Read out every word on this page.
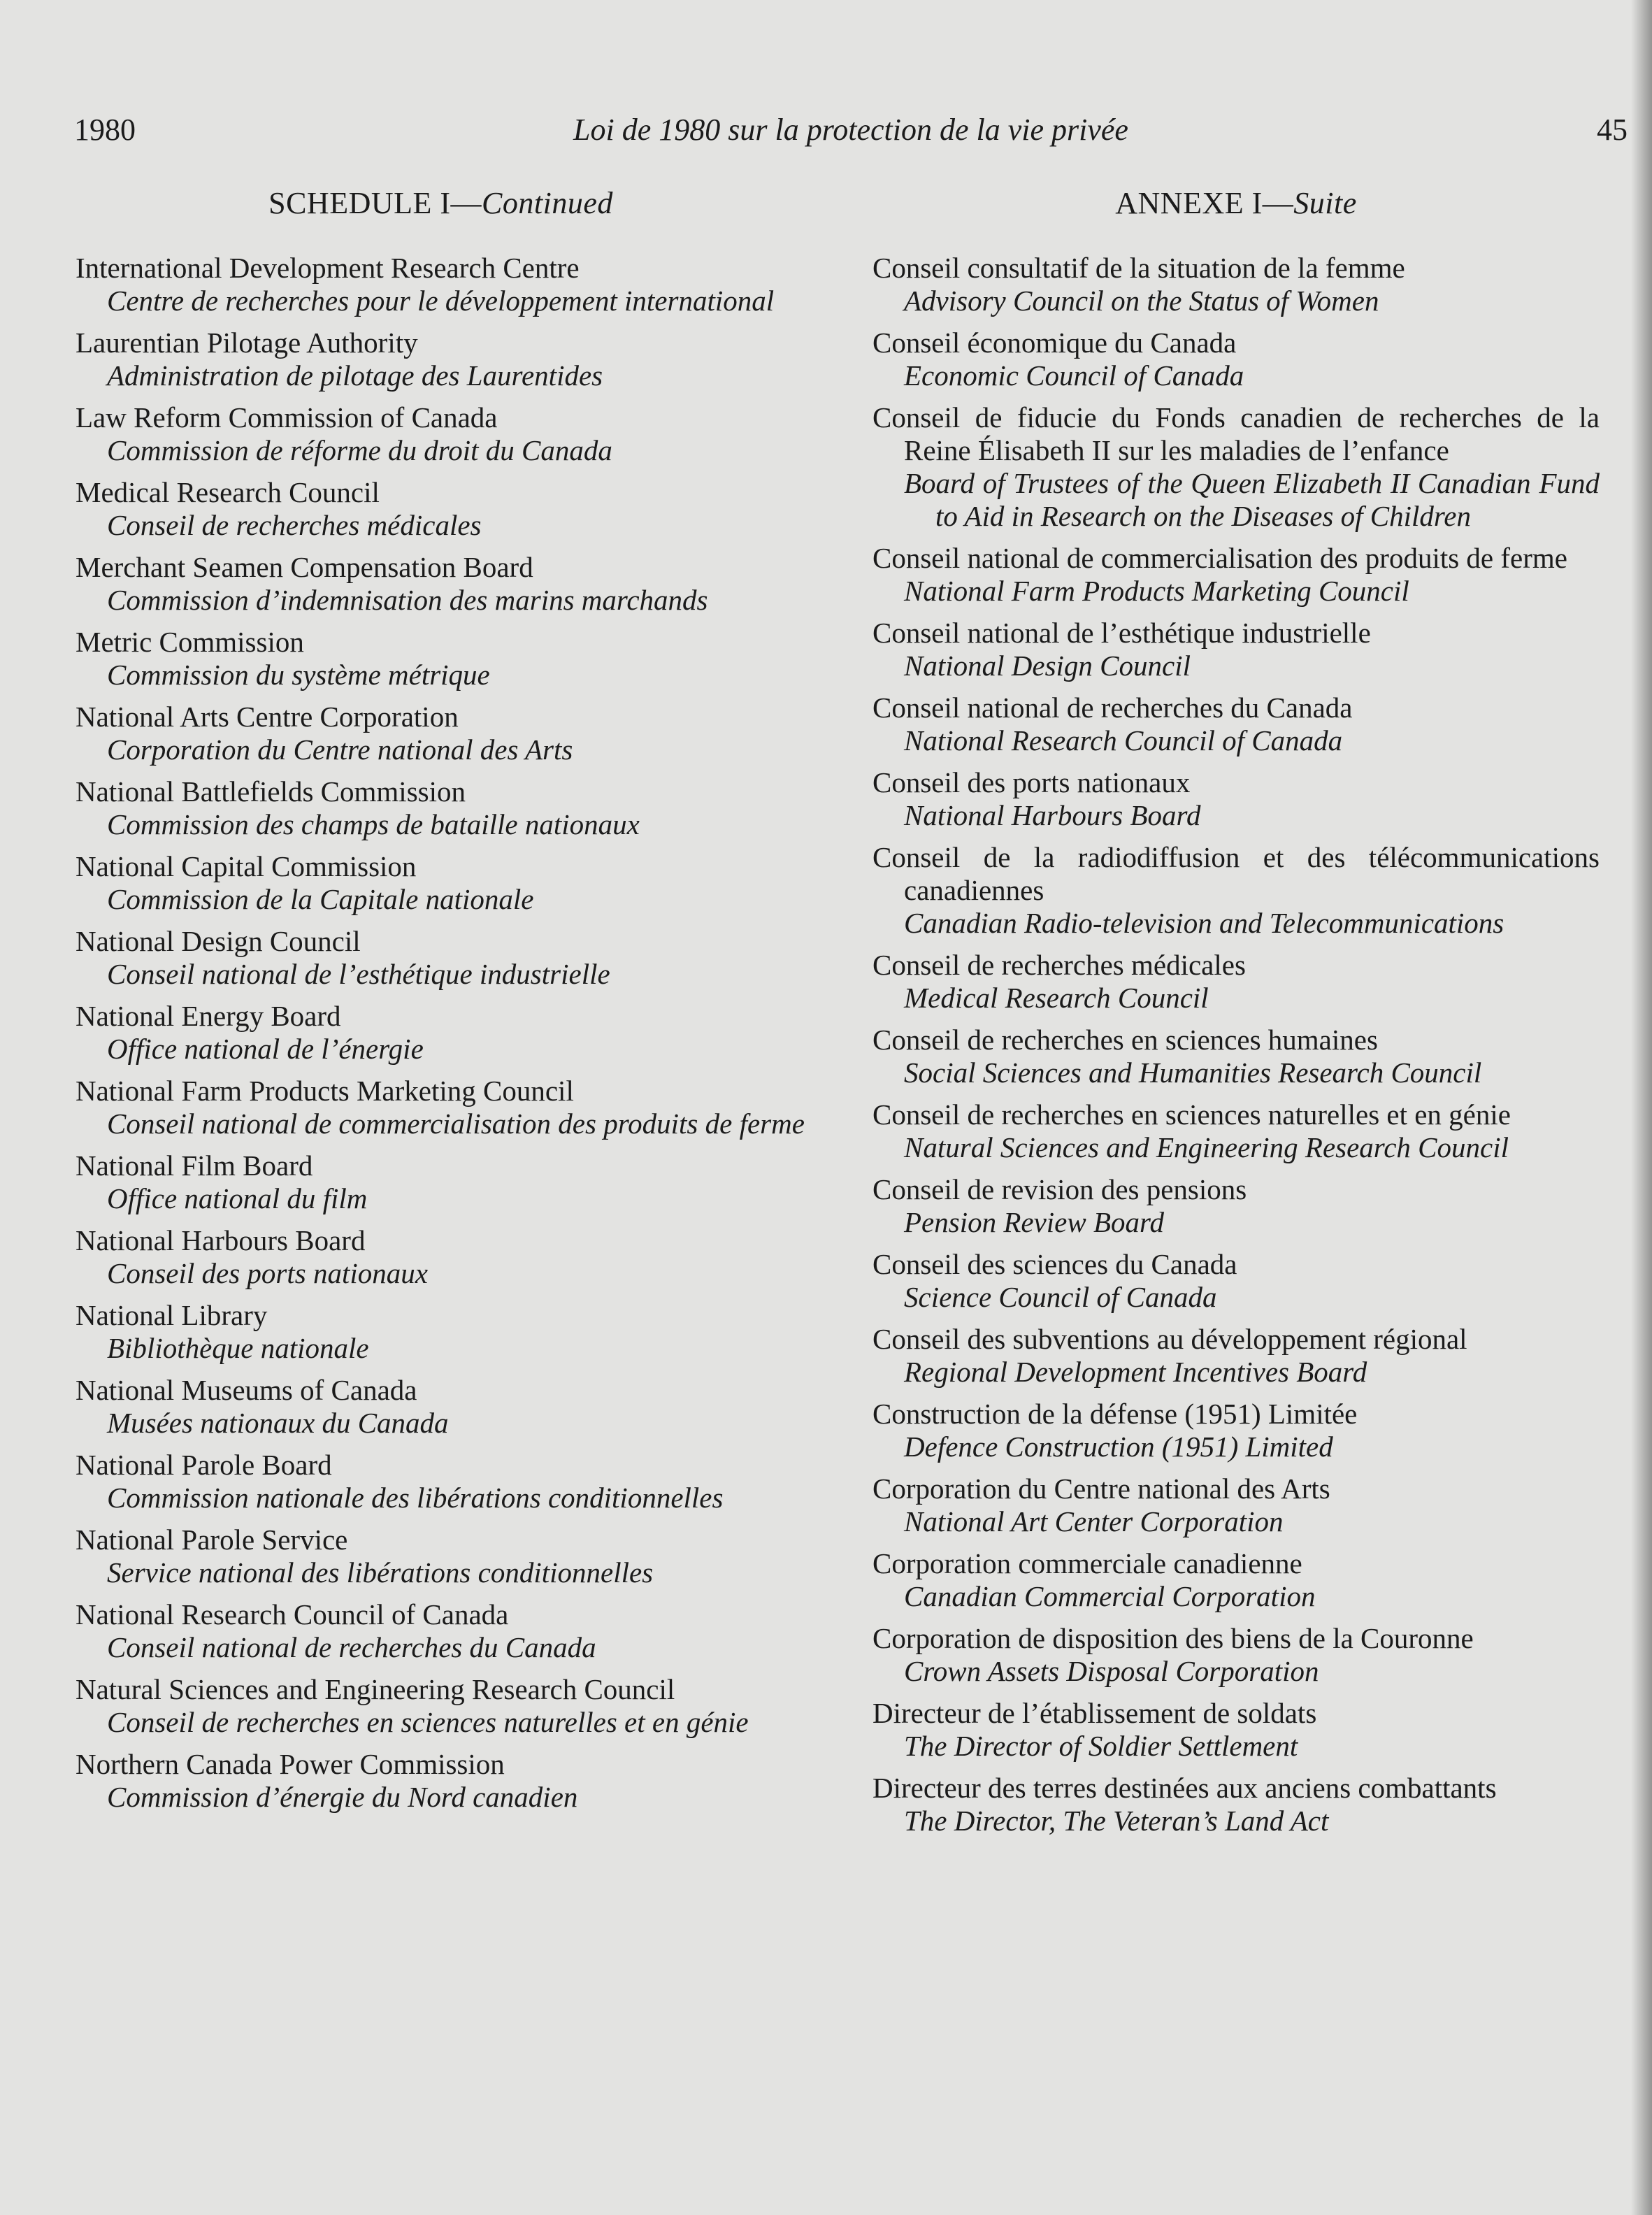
1980	Loi de 1980 sur la protection de la vie privée	45
SCHEDULE I—Continued
International Development Research Centre
Centre de recherches pour le développement international
Laurentian Pilotage Authority
Administration de pilotage des Laurentides
Law Reform Commission of Canada
Commission de réforme du droit du Canada
Medical Research Council
Conseil de recherches médicales
Merchant Seamen Compensation Board
Commission d’indemnisation des marins marchands
Metric Commission
Commission du système métrique
National Arts Centre Corporation
Corporation du Centre national des Arts
National Battlefields Commission
Commission des champs de bataille nationaux
National Capital Commission
Commission de la Capitale nationale
National Design Council
Conseil national de l’esthétique industrielle
National Energy Board
Office national de l’énergie
National Farm Products Marketing Council
Conseil national de commercialisation des produits de ferme
National Film Board
Office national du film
National Harbours Board
Conseil des ports nationaux
National Library
Bibliothèque nationale
National Museums of Canada
Musées nationaux du Canada
National Parole Board
Commission nationale des libérations conditionnelles
National Parole Service
Service national des libérations conditionnelles
National Research Council of Canada
Conseil national de recherches du Canada
Natural Sciences and Engineering Research Council
Conseil de recherches en sciences naturelles et en génie
Northern Canada Power Commission
Commission d’énergie du Nord canadien
ANNEXE I—Suite
Conseil consultatif de la situation de la femme
Advisory Council on the Status of Women
Conseil économique du Canada
Economic Council of Canada
Conseil de fiducie du Fonds canadien de recherches de la Reine Élisabeth II sur les maladies de l’enfance
Board of Trustees of the Queen Elizabeth II Canadian Fund to Aid in Research on the Diseases of Children
Conseil national de commercialisation des produits de ferme
National Farm Products Marketing Council
Conseil national de l’esthétique industrielle
National Design Council
Conseil national de recherches du Canada
National Research Council of Canada
Conseil des ports nationaux
National Harbours Board
Conseil de la radiodiffusion et des télécommunications canadiennes
Canadian Radio-television and Telecommunications
Conseil de recherches médicales
Medical Research Council
Conseil de recherches en sciences humaines
Social Sciences and Humanities Research Council
Conseil de recherches en sciences naturelles et en génie
Natural Sciences and Engineering Research Council
Conseil de revision des pensions
Pension Review Board
Conseil des sciences du Canada
Science Council of Canada
Conseil des subventions au développement régional
Regional Development Incentives Board
Construction de la défense (1951) Limitée
Defence Construction (1951) Limited
Corporation du Centre national des Arts
National Art Center Corporation
Corporation commerciale canadienne
Canadian Commercial Corporation
Corporation de disposition des biens de la Couronne
Crown Assets Disposal Corporation
Directeur de l’établissement de soldats
The Director of Soldier Settlement
Directeur des terres destinées aux anciens combattants
The Director, The Veteran’s Land Act
